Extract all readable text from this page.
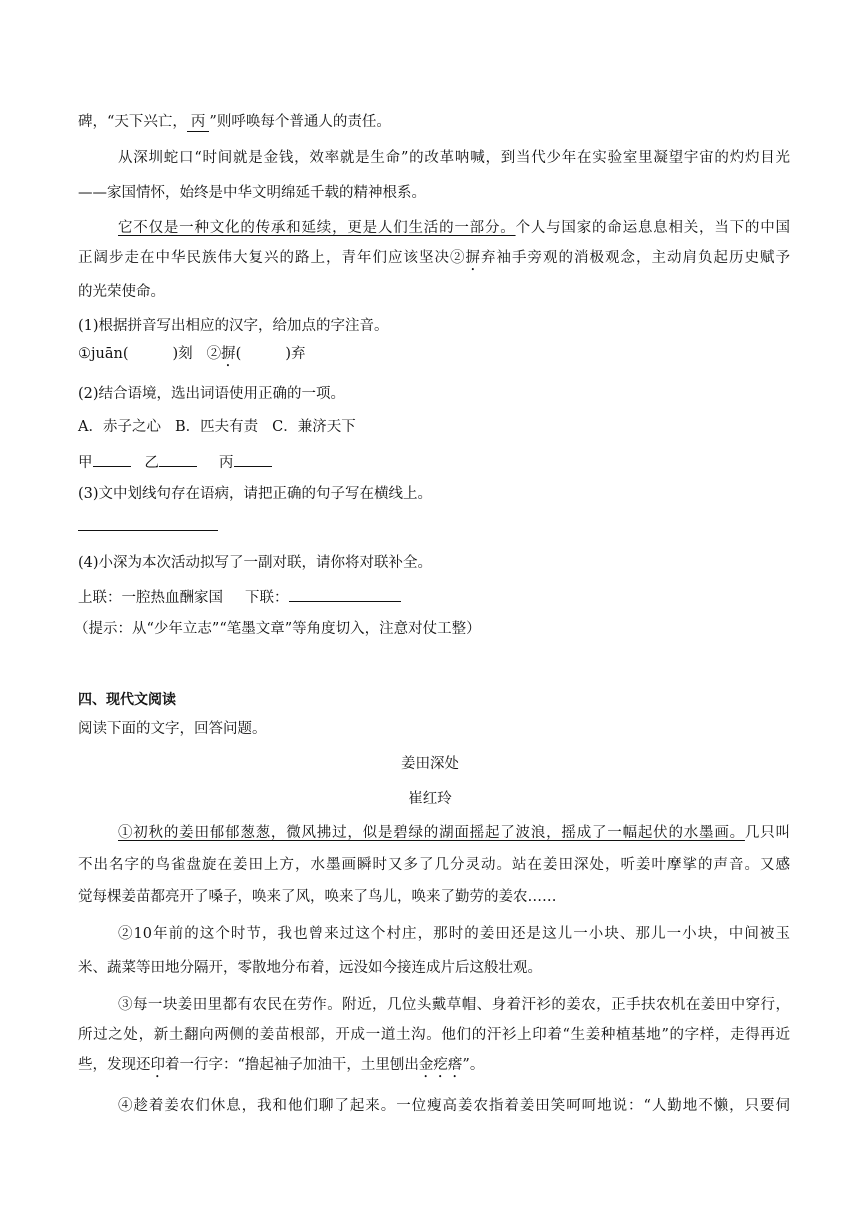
碑，“天下兴亡， 丙 ”则呼唤每个普通人的责任。
从深圳蛇口“时间就是金钱，效率就是生命”的改革呐喊，到当代少年在实验室里凝望宇宙的灼灼目光
——家国情怀，始终是中华文明绵延千载的精神根系。
它不仅是一种文化的传承和延续，更是人们生活的一部分。个人与国家的命运息息相关，当下的中国
正阔步走在中华民族伟大复兴的路上，青年们应该坚决②摒弃袖手旁观的消极观念，主动肩负起历史赋予
的光荣使命。
(1)根据拼音写出相应的汉字，给加点的字注音。
①juān(	)刻 ②摒(	)弃
(2)结合语境，选出词语使用正确的一项。
A．赤子之心 B．匹夫有责 C．兼济天下
甲	乙	丙
(3)文中划线句存在语病，请把正确的句子写在横线上。
(4)小深为本次活动拟写了一副对联，请你将对联补全。
上联：一腔热血酬家国 下联：
（提示：从“少年立志”“笔墨文章”等角度切入，注意对仗工整）
四、现代文阅读
阅读下面的文字，回答问题。
姜田深处
崔红玲
①初秋的姜田郁郁葱葱，微风拂过，似是碧绿的湖面摇起了波浪，摇成了一幅起伏的水墨画。几只叫
不出名字的鸟雀盘旋在姜田上方，水墨画瞬时又多了几分灵动。站在姜田深处，听姜叶摩挲的声音。又感
觉每棵姜苗都亮开了嗓子，唤来了风，唤来了鸟儿，唤来了勤劳的姜农……
②10年前的这个时节，我也曾来过这个村庄，那时的姜田还是这儿一小块、那儿一小块，中间被玉
米、蔬菜等田地分隔开，零散地分布着，远没如今接连成片后这般壮观。
③每一块姜田里都有农民在劳作。附近，几位头戴草帽、身着汗衫的姜农，正手扶农机在姜田中穿行，
所过之处，新土翻向两侧的姜苗根部，开成一道土沟。他们的汗衫上印着“生姜种植基地”的字样，走得再近
些，发现还印着一行字：“撸起袖子加油干，土里刨出金疙瘩”。
④趁着姜农们休息，我和他们聊了起来。一位瘦高姜农指着姜田笑呵呵地说：“人勤地不懒，只要伺
